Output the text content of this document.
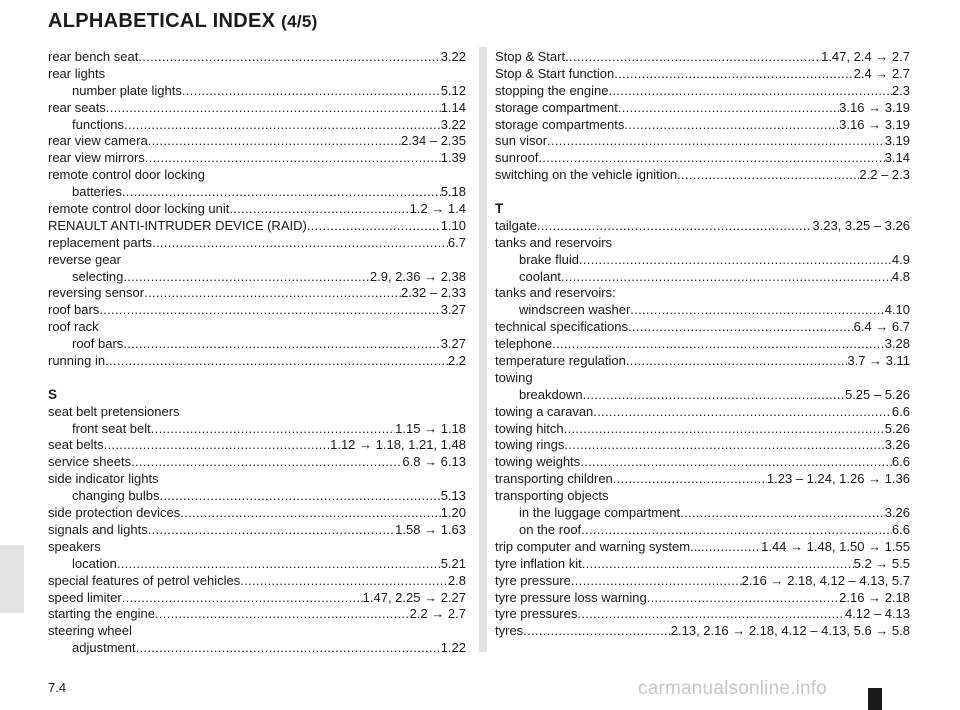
ALPHABETICAL INDEX (4/5)
rear bench seat .....	3.22
rear lights
number plate lights .....	5.12
rear seats .....	1.14
functions .....	3.22
rear view camera .....	2.34 – 2.35
rear view mirrors .....	1.39
remote control door locking
batteries .....	5.18
remote control door locking unit .....	1.2 → 1.4
RENAULT ANTI-INTRUDER DEVICE (RAID) .....	1.10
replacement parts .....	6.7
reverse gear
selecting .....	2.9, 2.36 → 2.38
reversing sensor .....	2.32 – 2.33
roof bars .....	3.27
roof rack
roof bars .....	3.27
running in .....	2.2
S
seat belt pretensioners
front seat belt .....	1.15 → 1.18
seat belts .....	1.12 → 1.18, 1.21, 1.48
service sheets .....	6.8 → 6.13
side indicator lights
changing bulbs .....	5.13
side protection devices .....	1.20
signals and lights .....	1.58 → 1.63
speakers
location .....	5.21
special features of petrol vehicles .....	2.8
speed limiter .....	1.47, 2.25 → 2.27
starting the engine .....	2.2 → 2.7
steering wheel
adjustment .....	1.22
Stop & Start .....	1.47, 2.4 → 2.7
Stop & Start function .....	2.4 → 2.7
stopping the engine .....	2.3
storage compartment .....	3.16 → 3.19
storage compartments .....	3.16 → 3.19
sun visor .....	3.19
sunroof .....	3.14
switching on the vehicle ignition .....	2.2 – 2.3
T
tailgate .....	3.23, 3.25 – 3.26
tanks and reservoirs
brake fluid .....	4.9
coolant .....	4.8
tanks and reservoirs:
windscreen washer .....	4.10
technical specifications .....	6.4 → 6.7
telephone .....	3.28
temperature regulation .....	3.7 → 3.11
towing
breakdown .....	5.25 – 5.26
towing a caravan .....	6.6
towing hitch .....	5.26
towing rings .....	3.26
towing weights .....	6.6
transporting children .....	1.23 – 1.24, 1.26 → 1.36
transporting objects
in the luggage compartment .....	3.26
on the roof .....	6.6
trip computer and warning system... .....	1.44 → 1.48, 1.50 → 1.55
tyre inflation kit .....	5.2 → 5.5
tyre pressure .....	2.16 → 2.18, 4.12 – 4.13, 5.7
tyre pressure loss warning .....	2.16 → 2.18
tyre pressures .....	4.12 – 4.13
tyres .....	2.13, 2.16 → 2.18, 4.12 – 4.13, 5.6 → 5.8
7.4	carmanualsonline.info
